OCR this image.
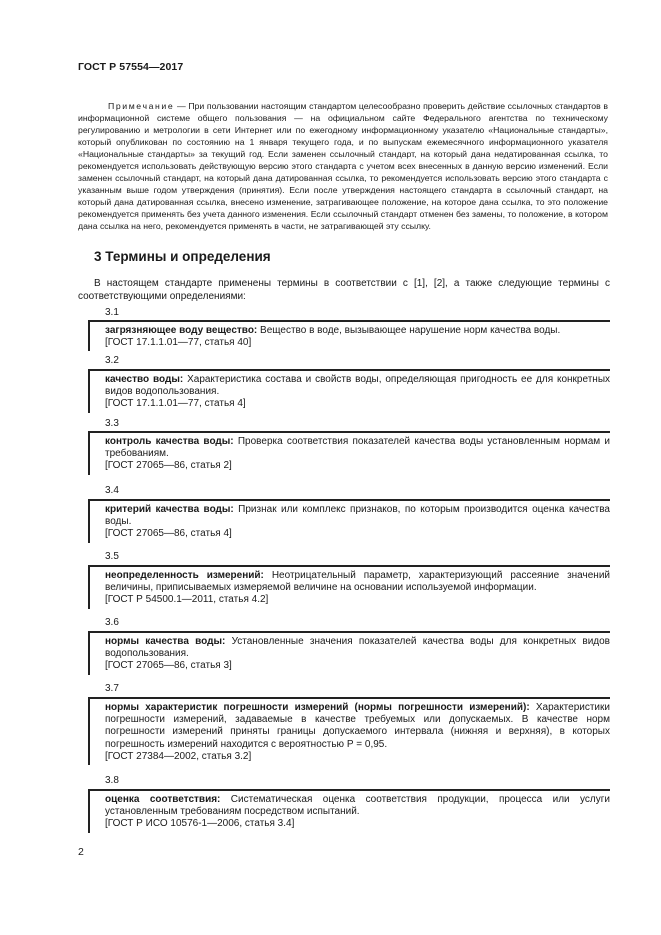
ГОСТ Р 57554—2017
Примечание — При пользовании настоящим стандартом целесообразно проверить действие ссылочных стандартов в информационной системе общего пользования — на официальном сайте Федерального агентства по техническому регулированию и метрологии в сети Интернет или по ежегодному информационному указателю «Национальные стандарты», который опубликован по состоянию на 1 января текущего года, и по выпускам ежемесячного информационного указателя «Национальные стандарты» за текущий год. Если заменен ссылочный стандарт, на который дана недатированная ссылка, то рекомендуется использовать действующую версию этого стандарта с учетом всех внесенных в данную версию изменений. Если заменен ссылочный стандарт, на который дана датированная ссылка, то рекомендуется использовать версию этого стандарта с указанным выше годом утверждения (принятия). Если после утверждения настоящего стандарта в ссылочный стандарт, на который дана датированная ссылка, внесено изменение, затрагивающее положение, на которое дана ссылка, то это положение рекомендуется применять без учета данного изменения. Если ссылочный стандарт отменен без замены, то положение, в котором дана ссылка на него, рекомендуется применять в части, не затрагивающей эту ссылку.
3 Термины и определения
В настоящем стандарте применены термины в соответствии с [1], [2], а также следующие термины с соответствующими определениями:
3.1
загрязняющее воду вещество: Вещество в воде, вызывающее нарушение норм качества воды.
[ГОСТ 17.1.1.01—77, статья 40]
3.2
качество воды: Характеристика состава и свойств воды, определяющая пригодность ее для конкретных видов водопользования.
[ГОСТ 17.1.1.01—77, статья 4]
3.3
контроль качества воды: Проверка соответствия показателей качества воды установленным нормам и требованиям.
[ГОСТ 27065—86, статья 2]
3.4
критерий качества воды: Признак или комплекс признаков, по которым производится оценка качества воды.
[ГОСТ 27065—86, статья 4]
3.5
неопределенность измерений: Неотрицательный параметр, характеризующий рассеяние значений величины, приписываемых измеряемой величине на основании используемой информации.
[ГОСТ Р 54500.1—2011, статья 4.2]
3.6
нормы качества воды: Установленные значения показателей качества воды для конкретных видов водопользования.
[ГОСТ 27065—86, статья 3]
3.7
нормы характеристик погрешности измерений (нормы погрешности измерений): Характеристики погрешности измерений, задаваемые в качестве требуемых или допускаемых. В качестве норм погрешности измерений приняты границы допускаемого интервала (нижняя и верхняя), в которых погрешность измерений находится с вероятностью Р = 0,95.
[ГОСТ 27384—2002, статья 3.2]
3.8
оценка соответствия: Систематическая оценка соответствия продукции, процесса или услуги установленным требованиям посредством испытаний.
[ГОСТ Р ИСО 10576-1—2006, статья 3.4]
2
